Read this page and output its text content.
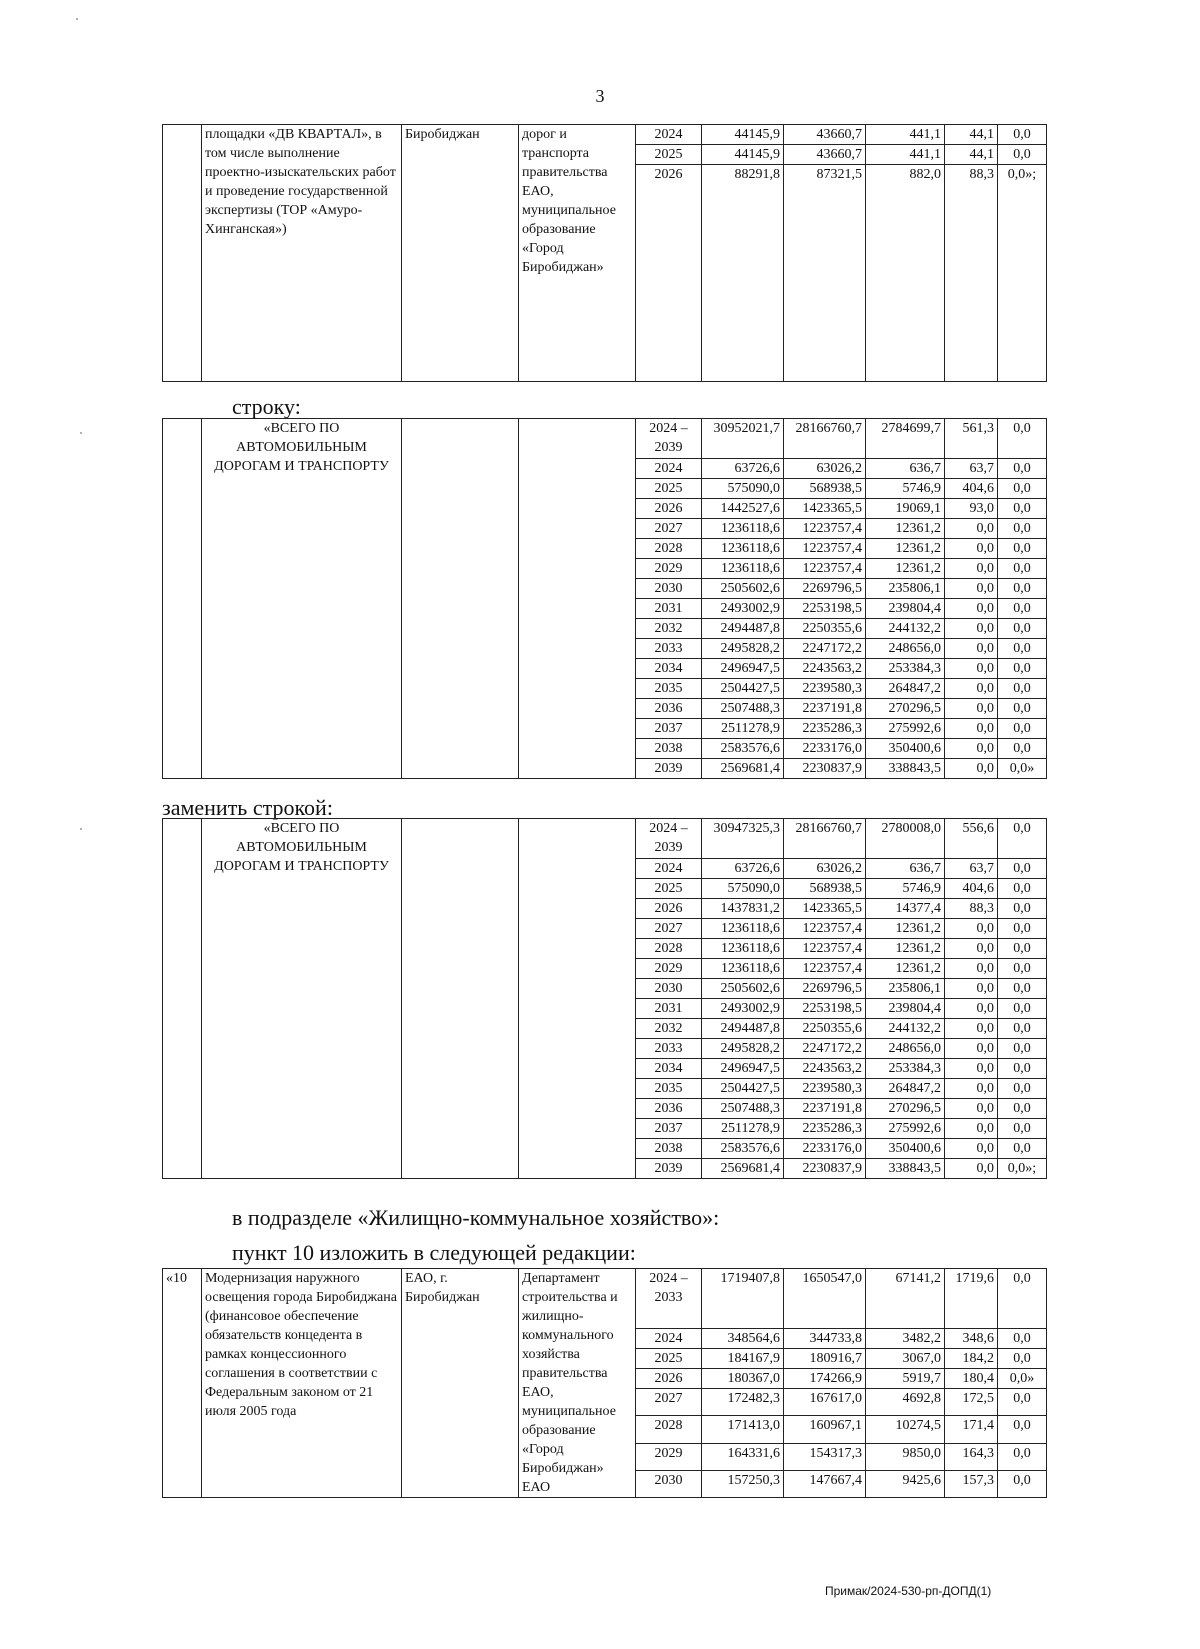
3
	площадки «ДВ КВАРТАЛ», в том числе выполнение проектно-изыскательских работ и проведение государственной экспертизы (ТОР «Амуро-Хинганская»)	Биробиджан	дорог и транспорта правительства ЕАО, муниципальное образование «Город Биробиджан»	2024	44145,9	43660,7	441,1	44,1	0,0
				2025	44145,9	43660,7	441,1	44,1	0,0
				2026	88291,8	87321,5	882,0	88,3	0,0»;
строку:
	«ВСЕГО ПО АВТОМОБИЛЬНЫМ ДОРОГАМ И ТРАНСПОРТУ			2024 – 2039	30952021,7	28166760,7	2784699,7	561,3	0,0
				2024	63726,6	63026,2	636,7	63,7	0,0
				2025	575090,0	568938,5	5746,9	404,6	0,0
				2026	1442527,6	1423365,5	19069,1	93,0	0,0
				2027	1236118,6	1223757,4	12361,2	0,0	0,0
				2028	1236118,6	1223757,4	12361,2	0,0	0,0
				2029	1236118,6	1223757,4	12361,2	0,0	0,0
				2030	2505602,6	2269796,5	235806,1	0,0	0,0
				2031	2493002,9	2253198,5	239804,4	0,0	0,0
				2032	2494487,8	2250355,6	244132,2	0,0	0,0
				2033	2495828,2	2247172,2	248656,0	0,0	0,0
				2034	2496947,5	2243563,2	253384,3	0,0	0,0
				2035	2504427,5	2239580,3	264847,2	0,0	0,0
				2036	2507488,3	2237191,8	270296,5	0,0	0,0
				2037	2511278,9	2235286,3	275992,6	0,0	0,0
				2038	2583576,6	2233176,0	350400,6	0,0	0,0
				2039	2569681,4	2230837,9	338843,5	0,0	0,0»
заменить строкой:
	«ВСЕГО ПО АВТОМОБИЛЬНЫМ ДОРОГАМ И ТРАНСПОРТУ			2024 – 2039	30947325,3	28166760,7	2780008,0	556,6	0,0
				2024	63726,6	63026,2	636,7	63,7	0,0
				2025	575090,0	568938,5	5746,9	404,6	0,0
				2026	1437831,2	1423365,5	14377,4	88,3	0,0
				2027	1236118,6	1223757,4	12361,2	0,0	0,0
				2028	1236118,6	1223757,4	12361,2	0,0	0,0
				2029	1236118,6	1223757,4	12361,2	0,0	0,0
				2030	2505602,6	2269796,5	235806,1	0,0	0,0
				2031	2493002,9	2253198,5	239804,4	0,0	0,0
				2032	2494487,8	2250355,6	244132,2	0,0	0,0
				2033	2495828,2	2247172,2	248656,0	0,0	0,0
				2034	2496947,5	2243563,2	253384,3	0,0	0,0
				2035	2504427,5	2239580,3	264847,2	0,0	0,0
				2036	2507488,3	2237191,8	270296,5	0,0	0,0
				2037	2511278,9	2235286,3	275992,6	0,0	0,0
				2038	2583576,6	2233176,0	350400,6	0,0	0,0
				2039	2569681,4	2230837,9	338843,5	0,0	0,0»;
в подразделе «Жилищно-коммунальное хозяйство»:
пункт 10 изложить в следующей редакции:
«10	Модернизация наружного освещения города Биробиджана (финансовое обеспечение обязательств концедента в рамках концессионного соглашения в соответствии с Федеральным законом от 21 июля 2005 года	ЕАО, г. Биробиджан	Департамент строительства и жилищно-коммунального хозяйства правительства ЕАО, муниципальное образование «Город Биробиджан» ЕАО	2024 – 2033	1719407,8	1650547,0	67141,2	1719,6	0,0
				2024	348564,6	344733,8	3482,2	348,6	0,0
				2025	184167,9	180916,7	3067,0	184,2	0,0
				2026	180367,0	174266,9	5919,7	180,4	0,0»
				2027	172482,3	167617,0	4692,8	172,5	0,0
				2028	171413,0	160967,1	10274,5	171,4	0,0
				2029	164331,6	154317,3	9850,0	164,3	0,0
				2030	157250,3	147667,4	9425,6	157,3	0,0
Примак/2024-530-рп-ДОПД(1)
